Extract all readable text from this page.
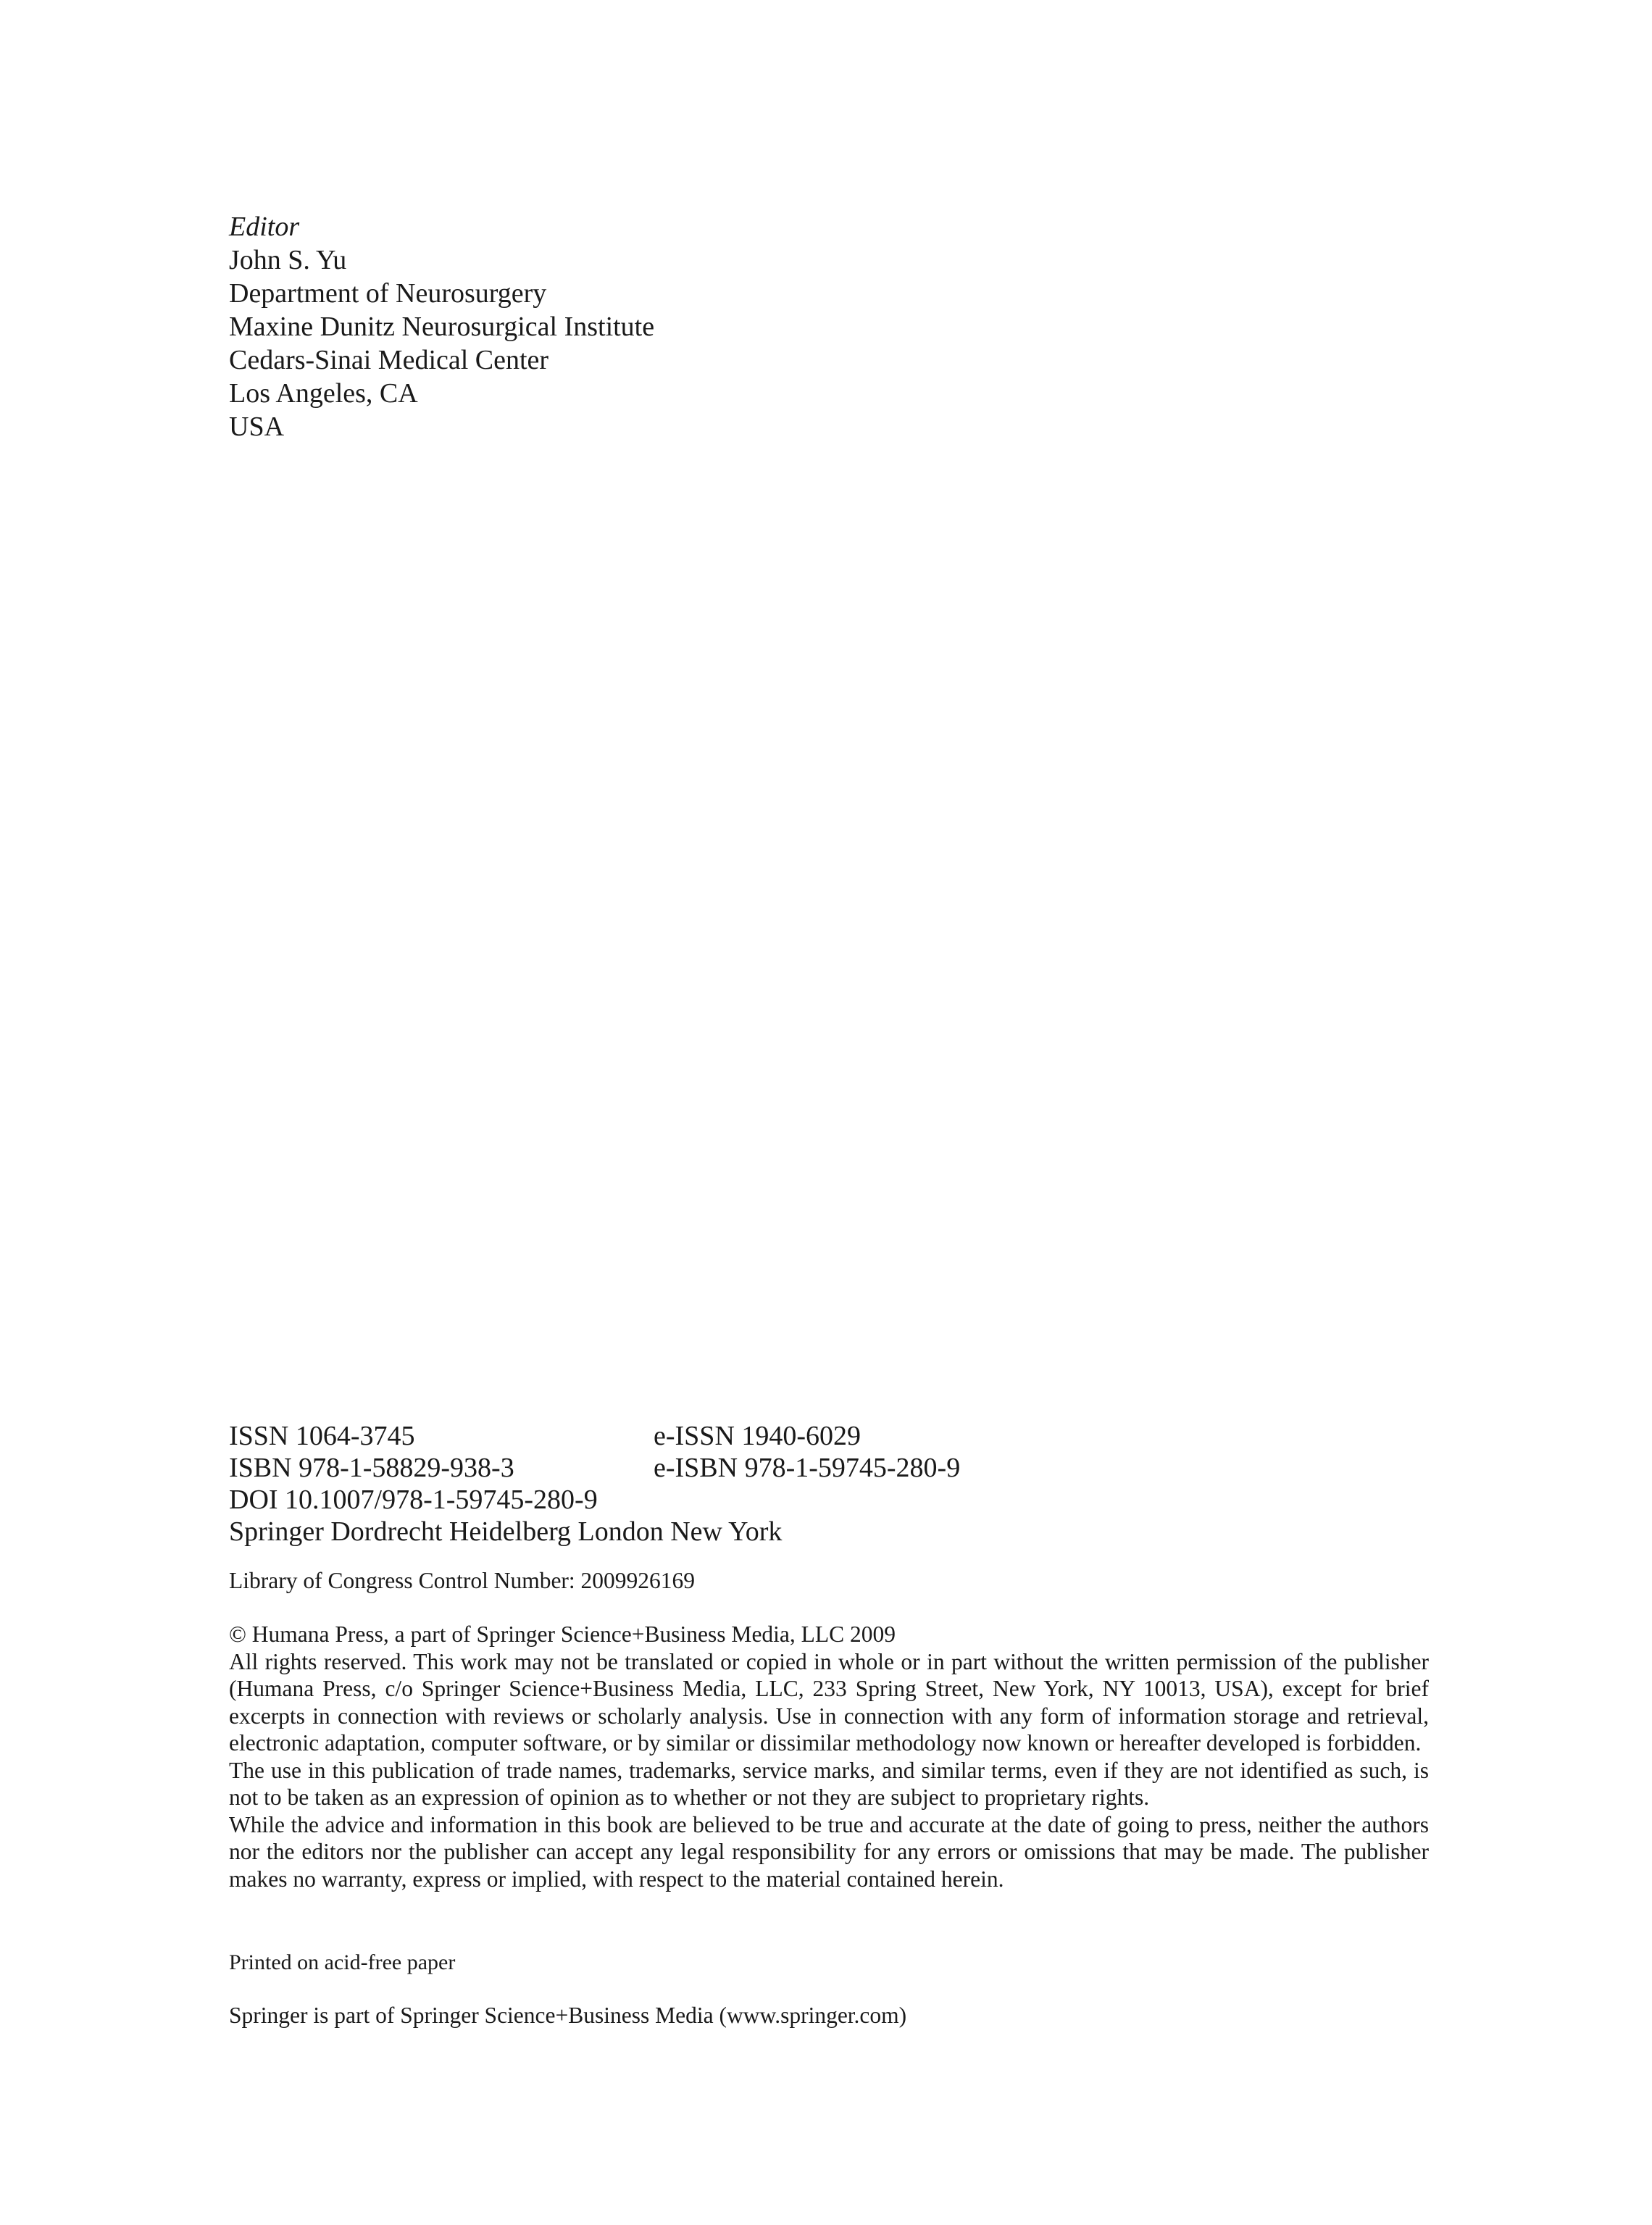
Editor
John S. Yu
Department of Neurosurgery
Maxine Dunitz Neurosurgical Institute
Cedars-Sinai Medical Center
Los Angeles, CA
USA
ISSN 1064-3745	e-ISSN 1940-6029
ISBN 978-1-58829-938-3	e-ISBN 978-1-59745-280-9
DOI 10.1007/978-1-59745-280-9
Springer Dordrecht Heidelberg London New York
Library of Congress Control Number: 2009926169

© Humana Press, a part of Springer Science+Business Media, LLC 2009

All rights reserved. This work may not be translated or copied in whole or in part without the written permission of the publisher (Humana Press, c/o Springer Science+Business Media, LLC, 233 Spring Street, New York, NY 10013, USA), except for brief excerpts in connection with reviews or scholarly analysis. Use in connection with any form of information storage and retrieval, electronic adaptation, computer software, or by similar or dissimilar methodology now known or hereafter developed is forbidden.

The use in this publication of trade names, trademarks, service marks, and similar terms, even if they are not identified as such, is not to be taken as an expression of opinion as to whether or not they are subject to proprietary rights.

While the advice and information in this book are believed to be true and accurate at the date of going to press, neither the authors nor the editors nor the publisher can accept any legal responsibility for any errors or omissions that may be made. The publisher makes no warranty, express or implied, with respect to the material contained herein.

Printed on acid-free paper
Springer is part of Springer Science+Business Media (www.springer.com)
